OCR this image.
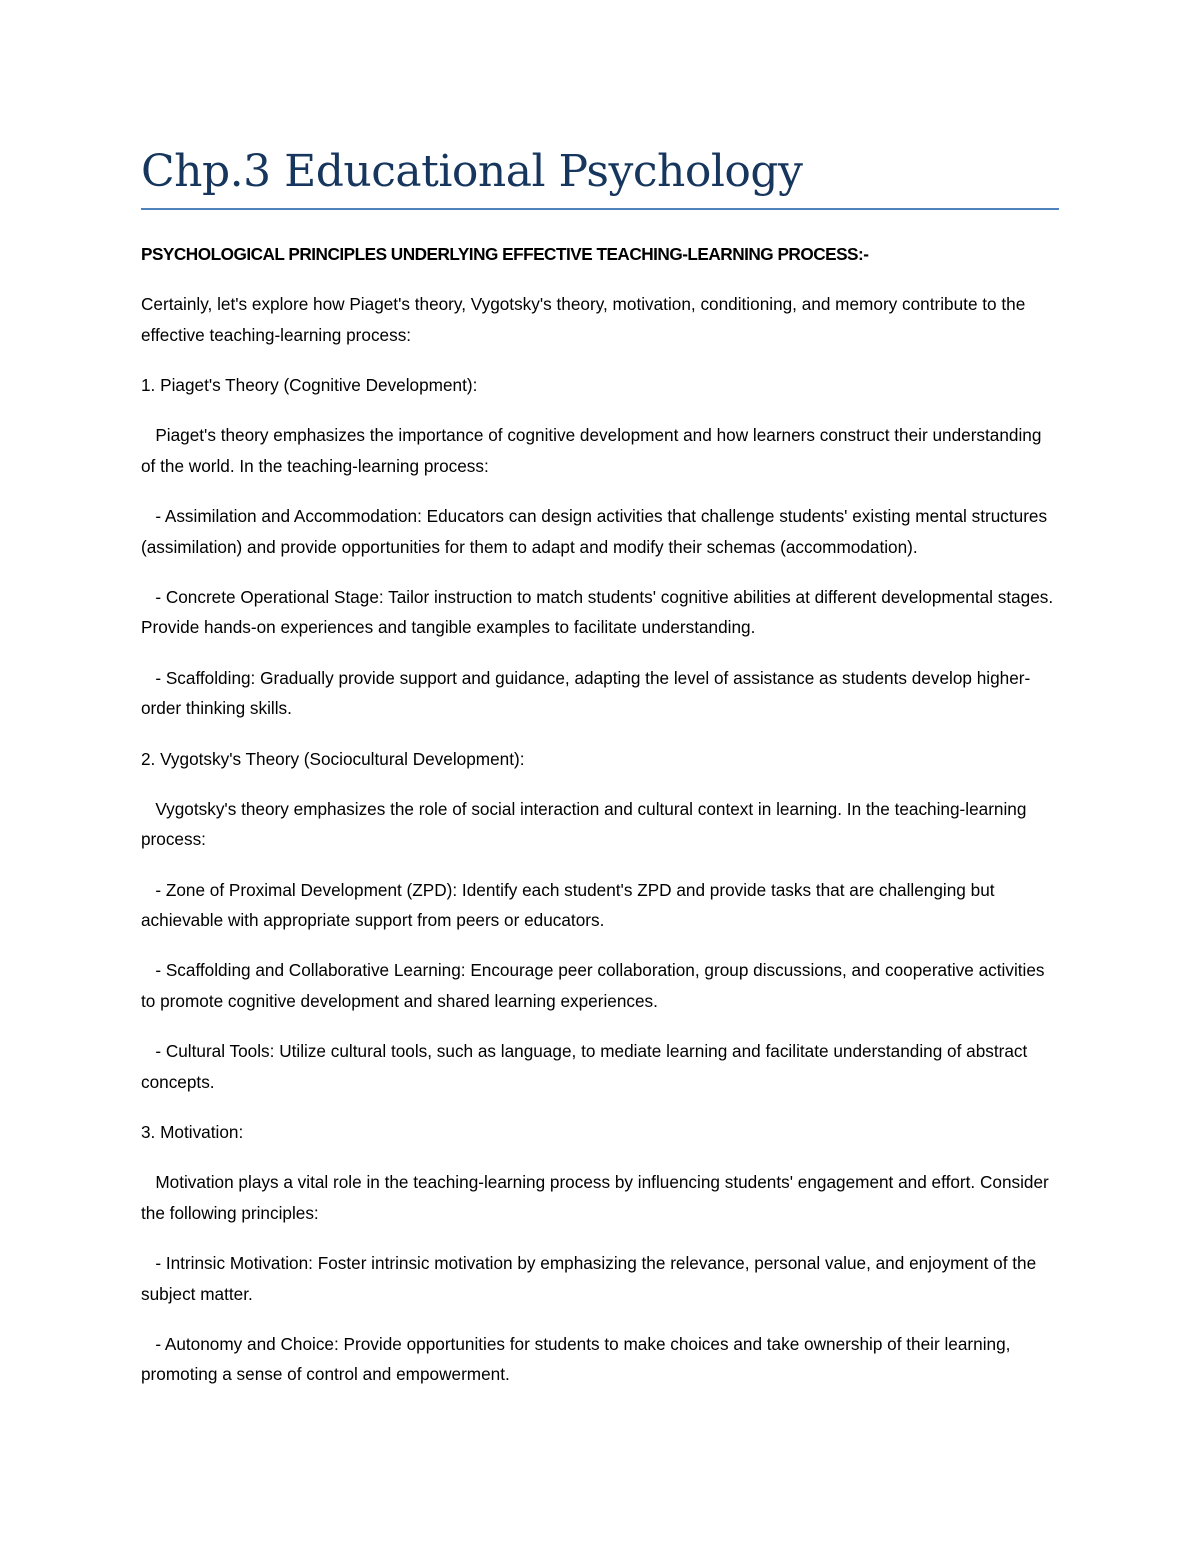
Chp.3 Educational Psychology

PSYCHOLOGICAL PRINCIPLES UNDERLYING EFFECTIVE TEACHING-LEARNING PROCESS:-

Certainly, let's explore how Piaget's theory, Vygotsky's theory, motivation, conditioning, and memory contribute to the effective teaching-learning process:

1. Piaget's Theory (Cognitive Development):

Piaget's theory emphasizes the importance of cognitive development and how learners construct their understanding of the world. In the teaching-learning process:

- Assimilation and Accommodation: Educators can design activities that challenge students' existing mental structures (assimilation) and provide opportunities for them to adapt and modify their schemas (accommodation).

- Concrete Operational Stage: Tailor instruction to match students' cognitive abilities at different developmental stages. Provide hands-on experiences and tangible examples to facilitate understanding.

- Scaffolding: Gradually provide support and guidance, adapting the level of assistance as students develop higher-order thinking skills.

2. Vygotsky's Theory (Sociocultural Development):

Vygotsky's theory emphasizes the role of social interaction and cultural context in learning. In the teaching-learning process:

- Zone of Proximal Development (ZPD): Identify each student's ZPD and provide tasks that are challenging but achievable with appropriate support from peers or educators.

- Scaffolding and Collaborative Learning: Encourage peer collaboration, group discussions, and cooperative activities to promote cognitive development and shared learning experiences.

- Cultural Tools: Utilize cultural tools, such as language, to mediate learning and facilitate understanding of abstract concepts.

3. Motivation:

Motivation plays a vital role in the teaching-learning process by influencing students' engagement and effort. Consider the following principles:

- Intrinsic Motivation: Foster intrinsic motivation by emphasizing the relevance, personal value, and enjoyment of the subject matter.

- Autonomy and Choice: Provide opportunities for students to make choices and take ownership of their learning, promoting a sense of control and empowerment.
